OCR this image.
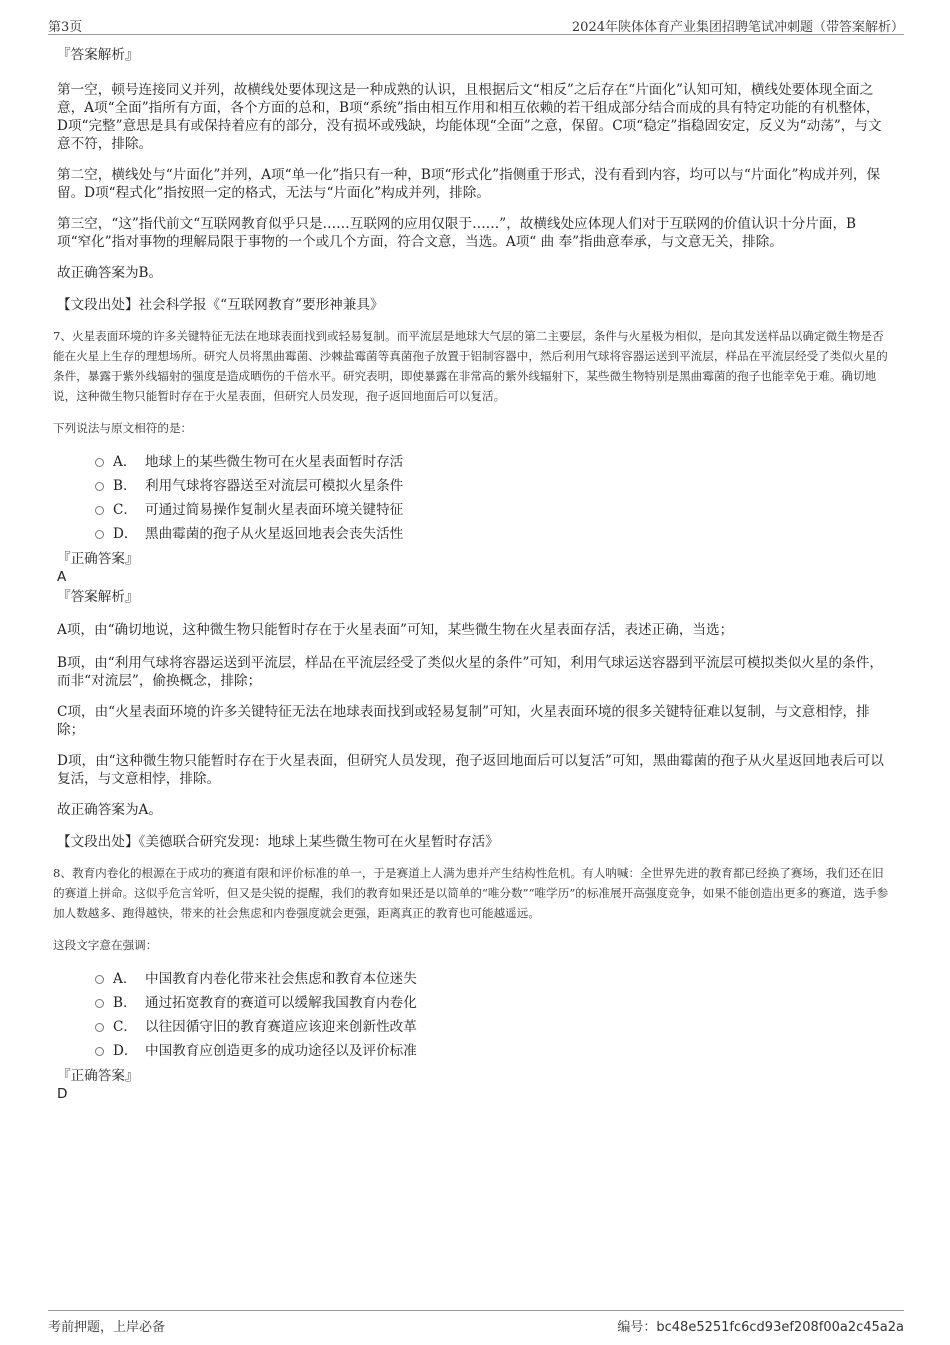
第3页	2024年陕体体育产业集团招聘笔试冲刺题（带答案解析）

『答案解析』

第一空，顿号连接同义并列，故横线处要体现这是一种成熟的认识，且根据后文“相反”之后存在“片面化”认知可知，横线处要体现全面之意，A项“全面”指所有方面，各个方面的总和，B项“系统”指由相互作用和相互依赖的若干组成部分结合而成的具有特定功能的有机整体，D项“完整”意思是具有或保持着应有的部分，没有损坏或残缺，均能体现“全面”之意，保留。C项“稳定”指稳固安定，反义为“动荡”，与文意不符，排除。

第二空，横线处与“片面化”并列，A项“单一化”指只有一种，B项“形式化”指侧重于形式，没有看到内容，均可以与“片面化”构成并列，保留。D项“程式化”指按照一定的格式，无法与“片面化”构成并列，排除。

第三空，“这”指代前文“互联网教育似乎只是……互联网的应用仅限于……”，故横线处应体现人们对于互联网的价值认识十分片面，B项“窄化”指对事物的理解局限于事物的一个或几个方面，符合文意，当选。A项“ 曲 奉”指曲意奉承，与文意无关，排除。

故正确答案为B。

【文段出处】社会科学报《“互联网教育”要形神兼具》

7、火星表面环境的许多关键特征无法在地球表面找到或轻易复制。而平流层是地球大气层的第二主要层，条件与火星极为相似，是向其发送样品以确定微生物是否能在火星上生存的理想场所。研究人员将黑曲霉菌、沙棘盐霉菌等真菌孢子放置于铝制容器中，然后利用气球将容器运送到平流层，样品在平流层经受了类似火星的条件，暴露于紫外线辐射的强度是造成晒伤的千倍水平。研究表明，即使暴露在非常高的紫外线辐射下，某些微生物特别是黑曲霉菌的孢子也能幸免于难。确切地说，这种微生物只能暂时存在于火星表面，但研究人员发现，孢子返回地面后可以复活。

下列说法与原文相符的是：

A． 地球上的某些微生物可在火星表面暂时存活
B． 利用气球将容器送至对流层可模拟火星条件
C． 可通过简易操作复制火星表面环境关键特征
D． 黑曲霉菌的孢子从火星返回地表会丧失活性

『正确答案』

A

『答案解析』

A项，由“确切地说，这种微生物只能暂时存在于火星表面”可知，某些微生物在火星表面存活，表述正确，当选；

B项，由“利用气球将容器运送到平流层，样品在平流层经受了类似火星的条件”可知，利用气球运送容器到平流层可模拟类似火星的条件，而非“对流层”，偷换概念，排除；

C项，由“火星表面环境的许多关键特征无法在地球表面找到或轻易复制”可知，火星表面环境的很多关键特征难以复制，与文意相悖，排除；

D项，由“这种微生物只能暂时存在于火星表面，但研究人员发现，孢子返回地面后可以复活”可知，黑曲霉菌的孢子从火星返回地表后可以复活，与文意相悖，排除。

故正确答案为A。

【文段出处】《美德联合研究发现：地球上某些微生物可在火星暂时存活》

8、教育内卷化的根源在于成功的赛道有限和评价标准的单一，于是赛道上人满为患并产生结构性危机。有人呐喊：全世界先进的教育都已经换了赛场，我们还在旧的赛道上拼命。这似乎危言耸听，但又是尖锐的提醒，我们的教育如果还是以简单的“唯分数”“唯学历”的标准展开高强度竞争，如果不能创造出更多的赛道，选手参加人数越多、跑得越快，带来的社会焦虑和内卷强度就会更强，距离真正的教育也可能越遥远。

这段文字意在强调：

A． 中国教育内卷化带来社会焦虑和教育本位迷失
B． 通过拓宽教育的赛道可以缓解我国教育内卷化
C． 以往因循守旧的教育赛道应该迎来创新性改革
D． 中国教育应创造更多的成功途径以及评价标准

『正确答案』

D

考前押题，上岸必备	编号：bc48e5251fc6cd93ef208f00a2c45a2a
